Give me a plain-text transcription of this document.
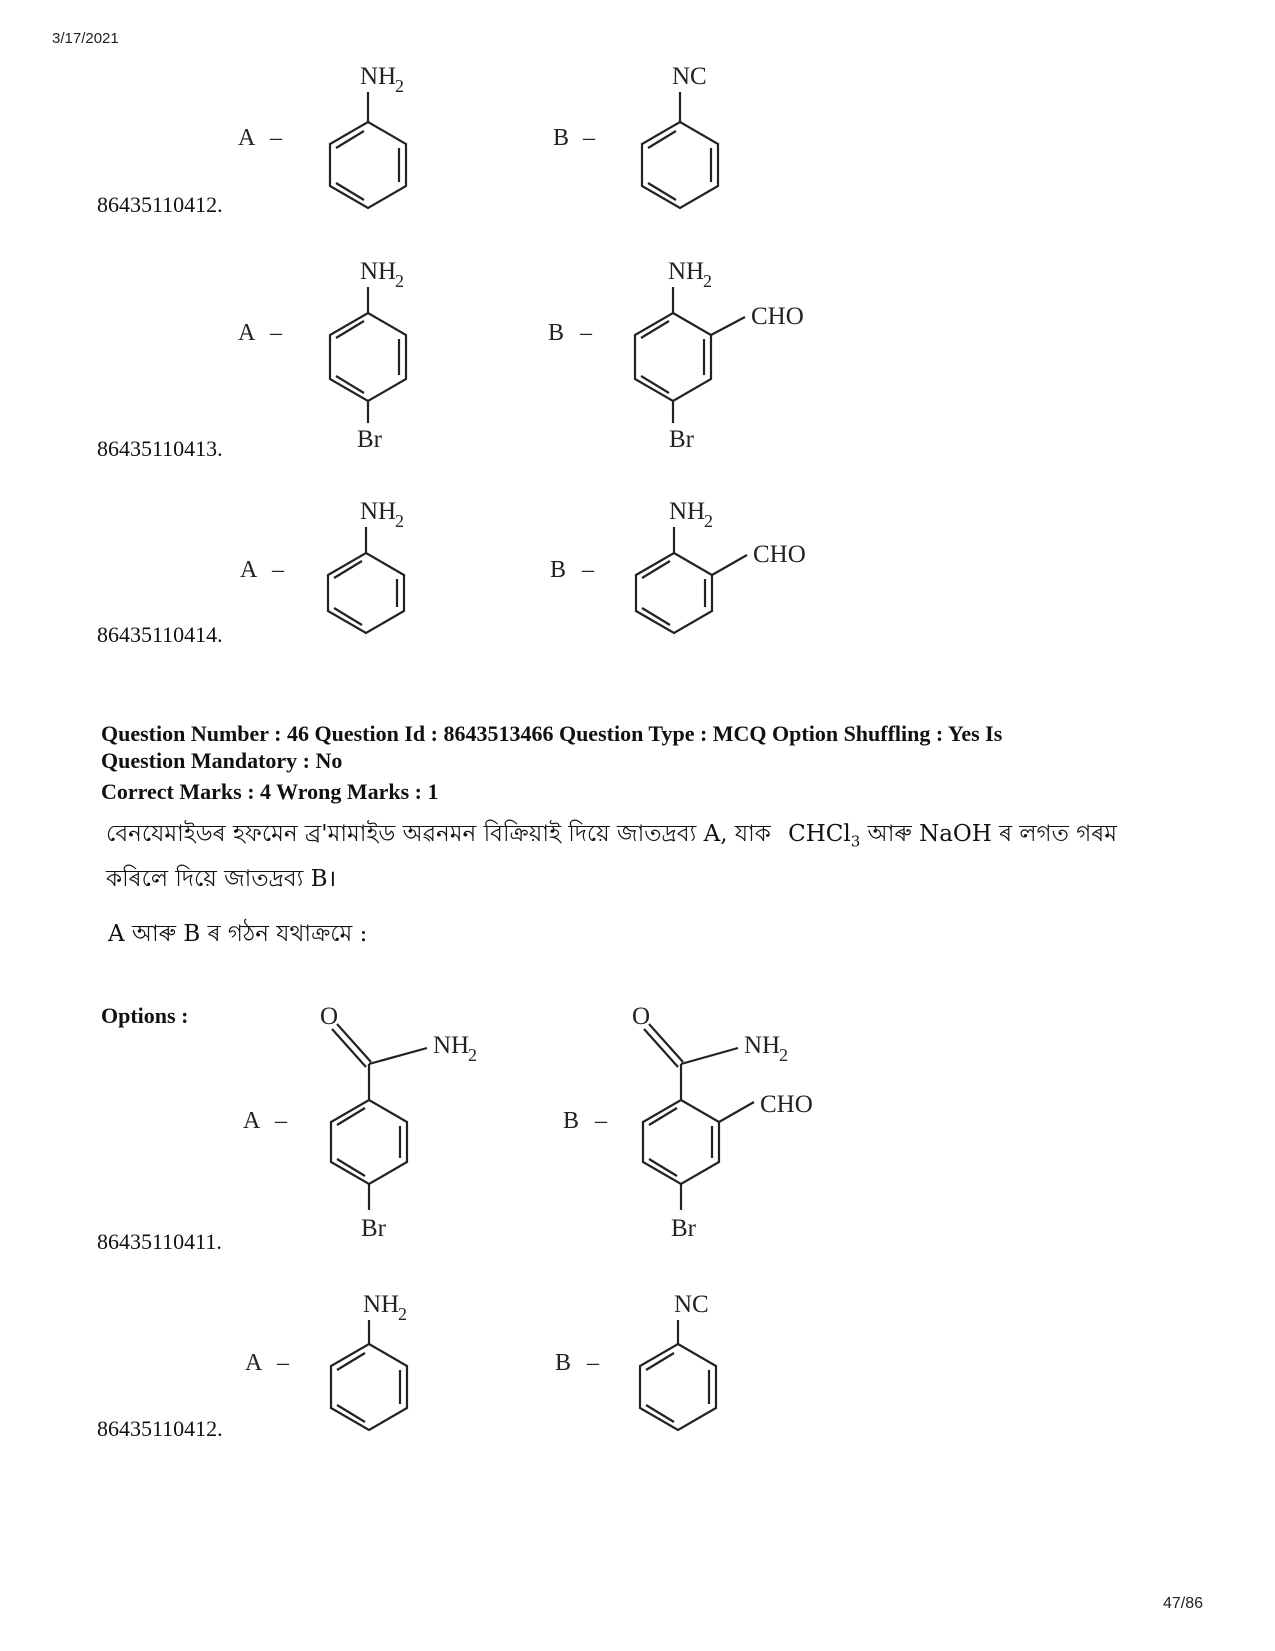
3/17/2021
A –
NH
2
B –
NC
86435110412.
A –
NH
2
Br
B –
NH
2
CHO
Br
86435110413.
A –
NH
2
B –
NH
2
CHO
86435110414.
Question Number : 46 Question Id : 8643513466 Question Type : MCQ Option Shuffling : Yes Is
Question Mandatory : No
Correct Marks : 4 Wrong Marks : 1
বেনযেমাইডৰ হফমেন ব্ৰ'মামাইড অৱনমন বিক্ৰিয়াই দিয়ে জাতদ্ৰব্য A, যাক CHCl$_3$ আৰু NaOH ৰ লগত গৰম
কৰিলে দিয়ে জাতদ্ৰব্য B।
A আৰু B ৰ গঠন যথাক্ৰমে :
Options :	O
NH
2
A –
Br
O
NH
2
B –
CHO
Br
86435110411.
A –
NH
2
B –
NC
86435110412.
47/86
